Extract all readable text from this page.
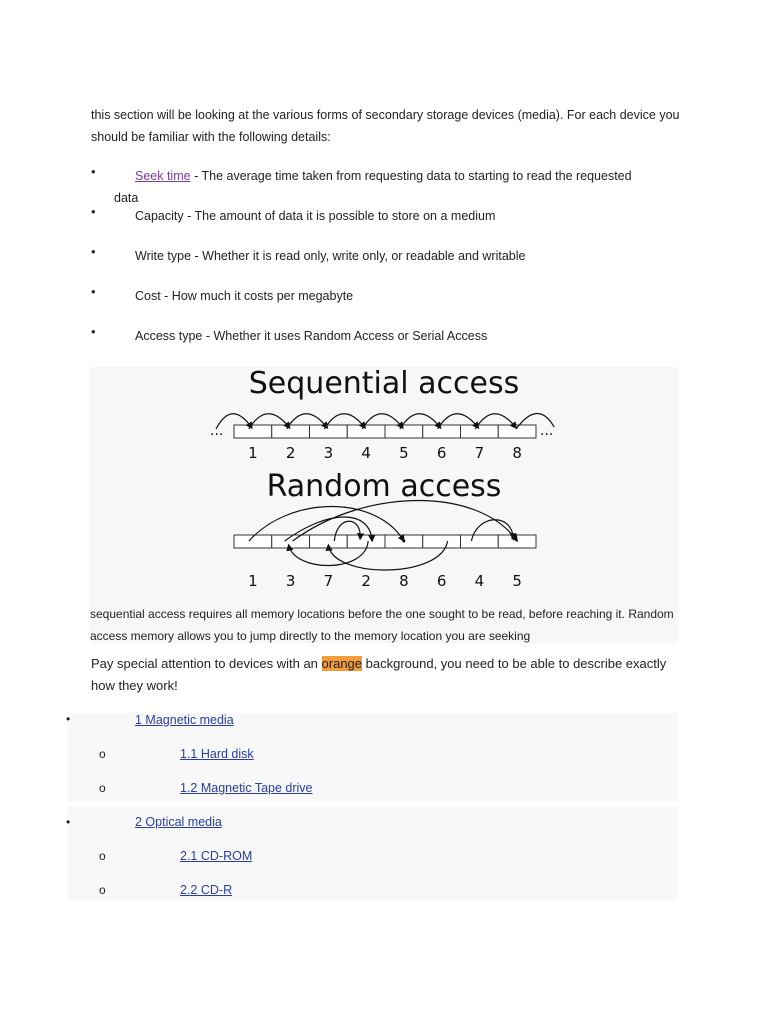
this section will be looking at the various forms of secondary storage devices (media). For each device you should be familiar with the following details:
•	Seek time - The average time taken from requesting data to starting to read the requested
data
•	Capacity - The amount of data it is possible to store on a medium
•	Write type - Whether it is read only, write only, or readable and writable
•	Cost - How much it costs per megabyte
•	Access type - Whether it uses Random Access or Serial Access
Sequential access
1 2 3 4 5 6 7 8
...	...
Random access
1 3 7 2 8 6 4 5
sequential access requires all memory locations before the one sought to be read, before reaching it. Random access memory allows you to jump directly to the memory location you are seeking
Pay special attention to devices with an orange background, you need to be able to describe exactly how they work!
•	1 Magnetic media
o	1.1 Hard disk
o	1.2 Magnetic Tape drive
•	2 Optical media
o	2.1 CD-ROM
o	2.2 CD-R
